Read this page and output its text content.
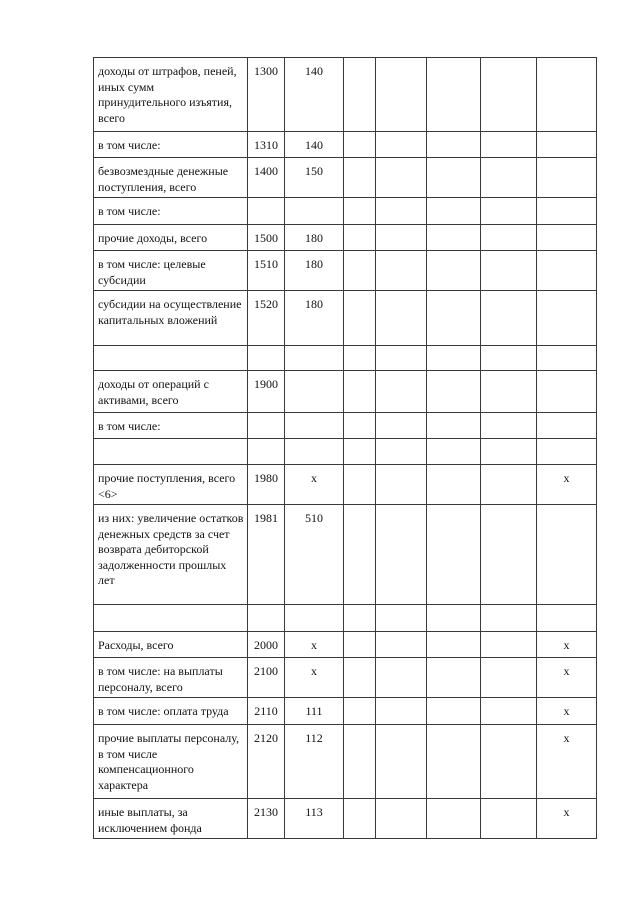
доходы от штрафов, пеней, иных сумм принудительного изъятия, всего	1300	140					
в том числе:	1310	140					
безвозмездные денежные поступления, всего	1400	150					
в том числе:							
прочие доходы, всего	1500	180					
в том числе: целевые субсидии	1510	180					
субсидии на осуществление капитальных вложений	1520	180					

доходы от операций с активами, всего	1900						
в том числе:							

прочие поступления, всего <6>	1980	x					x
из них: увеличение остатков денежных средств за счет возврата дебиторской задолженности прошлых лет	1981	510					

Расходы, всего	2000	x					x
в том числе: на выплаты персоналу, всего	2100	x					x
в том числе: оплата труда	2110	111					x
прочие выплаты персоналу, в том числе компенсационного характера	2120	112					x
иные выплаты, за исключением фонда	2130	113					x
